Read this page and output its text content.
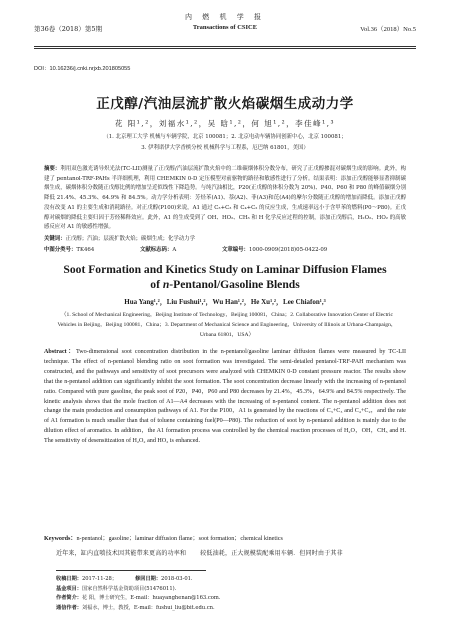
第36卷（2018）第5期
内 燃 机 学 报
Transactions of CSICE	Vol.36（2018）No.5
DOI：10.16236/j.cnki.nrjxb.201805055
正戊醇/汽油层流扩散火焰碳烟生成动力学
花 阳¹,²，刘福水¹,²，吴 晗¹,²，何 旭¹,²，李佳峰¹,³
（1. 北京理工大学 机械与车辆学院，北京 100081；2. 北京电动车辆协同创新中心，北京 100081；
3. 伊利诺伊大学香槟分校 机械科学与工程系，厄巴纳 61801，美国）
摘要：利用双色激光诱导炽光法(TC-LII)测量了正戊醇/汽油层流扩散火焰中的二维碳烟体积分数分布，研究了正戊醇掺混对碳烟生成的影响。此外，构建了 pentanol-TRF-PAHs 半详细机理，利用 CHEMKIN 0-D 定压模型对前驱物的路径和敏感性进行了分析。结果表明：添加正戊醇能够显著抑制碳烟生成，碳烟体积分数随正戊醇比例的增加呈近似线性下降趋势。与纯汽油相比，P20(正戊醇的体积分数为 20%)、P40、P60 和 P80 的峰值碳烟分别降低 21.4%、45.3%、64.9% 和 84.5%。动力学分析表明：芳烃苯(A1)、萘(A2)、菲(A3)和芘(A4)的摩尔分数随正戊醇的增加而降低。添加正戊醇没有改变 A1 的主要生成和消耗路径。对正戊醇(P100)来说，A1 通过 C₃+C₃ 和 C₄+C₂ 的反应生成，生成速率远小于含甲苯的燃料(P0～P80)。正戊醇对碳烟的降低主要归因于芳烃稀释效应。此外，A1 的生成受到了 OH、HO₂、CH₃ 和 H 化学反应过程的控制，添加正戊醇后，H₂O₂、HO₂ 的高敏感反应对 A1 的敏感性增强。
关键词：正戊醇；汽油；层流扩散火焰；碳烟生成；化学动力学
中图分类号：TK464	文献标志码：A	文章编号：1000-0909(2018)05-0422-09
Soot Formation and Kinetics Study on Laminar Diffusion Flames
of n-Pentanol/Gasoline Blends
Hua Yang¹,²，Liu Fushui¹,²，Wu Han¹,²，He Xu¹,²，Lee Chiafon¹,³
（1. School of Mechanical Engineering，Beijing Institute of Technology，Beijing 100081，China；2. Collaborative Innovation Center of Electric Vehicles in Beijing，Beijing 100081，China；3. Department of Mechanical Science and Engineering，University of Illinois at Urbana-Champaign，Urbana 61801，USA）
Abstract：Two-dimensional soot concentration distribution in the n-pentanol/gasoline laminar diffusion flames were measured by TC-LII technique. The effect of n-pentanol blending ratio on soot formation was investigated. The semi-detailed pentanol-TRF-PAH mechanism was constructed, and the pathways and sensitivity of soot precursors were analyzed with CHEMKIN 0-D constant pressure reactor. The results show that the n-pentanol addition can significantly inhibit the soot formation. The soot concentration decrease linearly with the increasing of n-pentanol ratio. Compared with pure gasoline, the peak soot of P20，P40，P60 and P80 decreases by 21.4%，45.3%，64.9% and 84.5% respectively. The kinetic analysis shows that the mole fraction of A1—A4 decreases with the increasing of n-pentanol content. The n-pentanol addition does not change the main production and consumption pathways of A1. For the P100，A1 is generated by the reactions of C₃+C₃ and C₄+C₂，and the rate of A1 formation is much smaller than that of toluene containing fuel(P0—P80). The reduction of soot by n-pentanol addition is mainly due to the dilution effect of aromatics. In addition，the A1 formation process was controlled by the chemical reaction processes of H₂O，OH，CH₃ and H. The sensitivity of desensitization of H₂O₂ and HO₂ is enhanced.
Keywords：n-pentanol；gasoline；laminar diffusion flame；soot formation；chemical kinetics
近年来，缸内直喷技术因其能带来更高的功率和 较低油耗，正大规模装配乘用车辆．但同时由于其非
收稿日期：2017-11-28；	修回日期：2018-03-01.
基金项目：国家自然科学基金资助项目(51476011).
作者简介：花 阳，博士研究生，E-mail：huayanghenan@163.com.
通信作者：刘福水，博士，教授，E-mail：fushui_liu@bit.edu.cn.
